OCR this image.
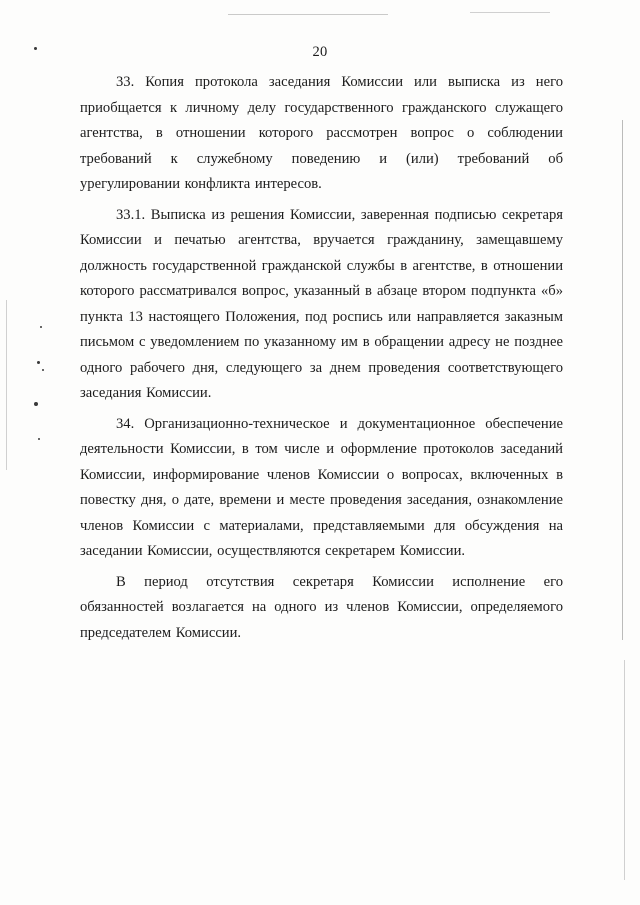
20

33. Копия протокола заседания Комиссии или выписка из него приобщается к личному делу государственного гражданского служащего агентства, в отношении которого рассмотрен вопрос о соблюдении требований к служебному поведению и (или) требований об урегулировании конфликта интересов.

33.1. Выписка из решения Комиссии, заверенная подписью секретаря Комиссии и печатью агентства, вручается гражданину, замещавшему должность государственной гражданской службы в агентстве, в отношении которого рассматривался вопрос, указанный в абзаце втором подпункта «б» пункта 13 настоящего Положения, под роспись или направляется заказным письмом с уведомлением по указанному им в обращении адресу не позднее одного рабочего дня, следующего за днем проведения соответствующего заседания Комиссии.

34. Организационно-техническое и документационное обеспечение деятельности Комиссии, в том числе и оформление протоколов заседаний Комиссии, информирование членов Комиссии о вопросах, включенных в повестку дня, о дате, времени и месте проведения заседания, ознакомление членов Комиссии с материалами, представляемыми для обсуждения на заседании Комиссии, осуществляются секретарем Комиссии.

В период отсутствия секретаря Комиссии исполнение его обязанностей возлагается на одного из членов Комиссии, определяемого председателем Комиссии.
